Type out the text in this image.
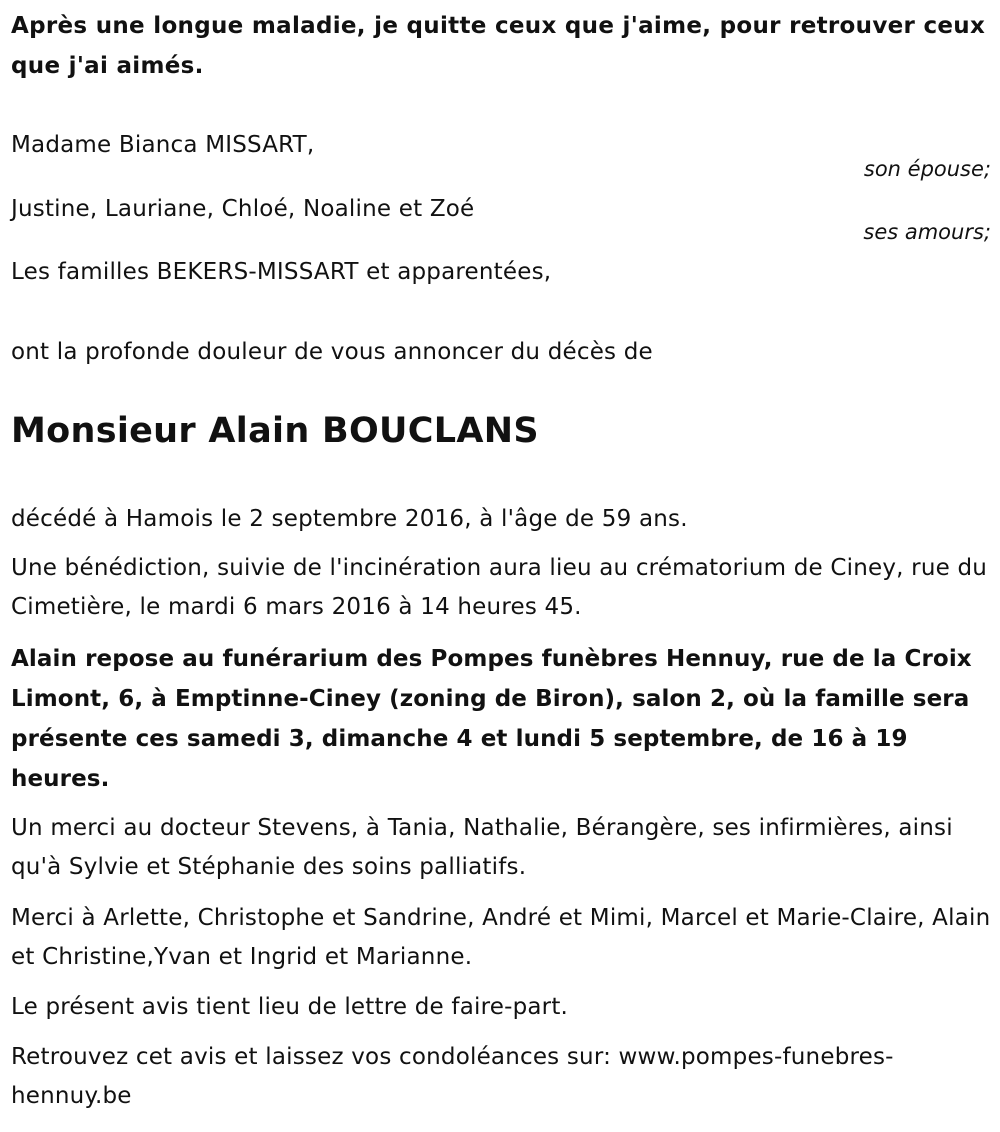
Après une longue maladie, je quitte ceux que j'aime, pour retrouver ceux que j'ai aimés.
Madame Bianca MISSART,
son épouse;
Justine, Lauriane, Chloé, Noaline et Zoé
ses amours;
Les familles BEKERS-MISSART et apparentées,
ont la profonde douleur de vous annoncer du décès de
Monsieur Alain BOUCLANS
décédé à Hamois le 2 septembre 2016, à l'âge de 59 ans.
Une bénédiction, suivie de l'incinération aura lieu au crématorium de Ciney, rue du Cimetière, le mardi 6 mars 2016 à 14 heures 45.
Alain repose au funérarium des Pompes funèbres Hennuy, rue de la Croix Limont, 6, à Emptinne-Ciney (zoning de Biron), salon 2, où la famille sera présente ces samedi 3, dimanche 4 et lundi 5 septembre, de 16 à 19 heures.
Un merci au docteur Stevens, à Tania, Nathalie, Bérangère, ses infirmières, ainsi qu'à Sylvie et Stéphanie des soins palliatifs.
Merci à Arlette, Christophe et Sandrine, André et Mimi, Marcel et Marie-Claire, Alain et Christine,Yvan et Ingrid et Marianne.
Le présent avis tient lieu de lettre de faire-part.
Retrouvez cet avis et laissez vos condoléances sur: www.pompes-funebres-hennuy.be
